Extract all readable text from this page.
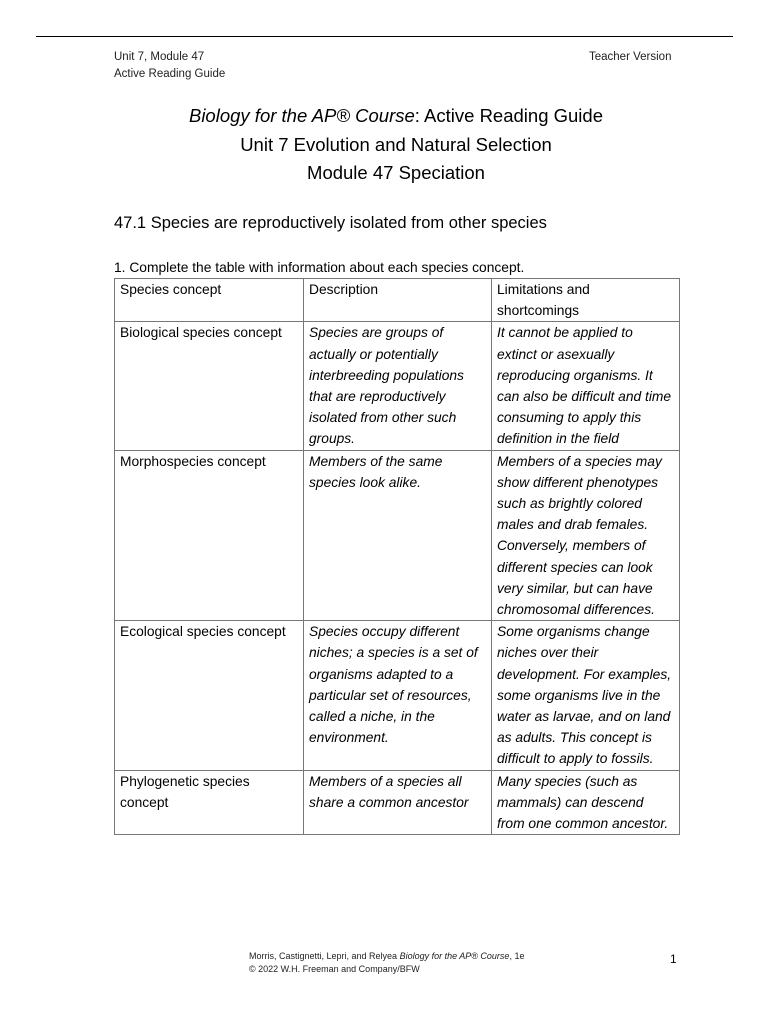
Unit 7, Module 47
Active Reading Guide
Teacher Version
Biology for the AP® Course: Active Reading Guide
Unit 7 Evolution and Natural Selection
Module 47 Speciation
47.1 Species are reproductively isolated from other species
1. Complete the table with information about each species concept.
Species concept	Description	Limitations and shortcomings
Biological species concept	Species are groups of actually or potentially interbreeding populations that are reproductively isolated from other such groups.	It cannot be applied to extinct or asexually reproducing organisms. It can also be difficult and time consuming to apply this definition in the field
Morphospecies concept	Members of the same species look alike.	Members of a species may show different phenotypes such as brightly colored males and drab females. Conversely, members of different species can look very similar, but can have chromosomal differences.
Ecological species concept	Species occupy different niches; a species is a set of organisms adapted to a particular set of resources, called a niche, in the environment.	Some organisms change niches over their development. For examples, some organisms live in the water as larvae, and on land as adults. This concept is difficult to apply to fossils.
Phylogenetic species concept	Members of a species all share a common ancestor	Many species (such as mammals) can descend from one common ancestor.
Morris, Castignetti, Lepri, and Relyea Biology for the AP® Course, 1e
© 2022 W.H. Freeman and Company/BFW
1
